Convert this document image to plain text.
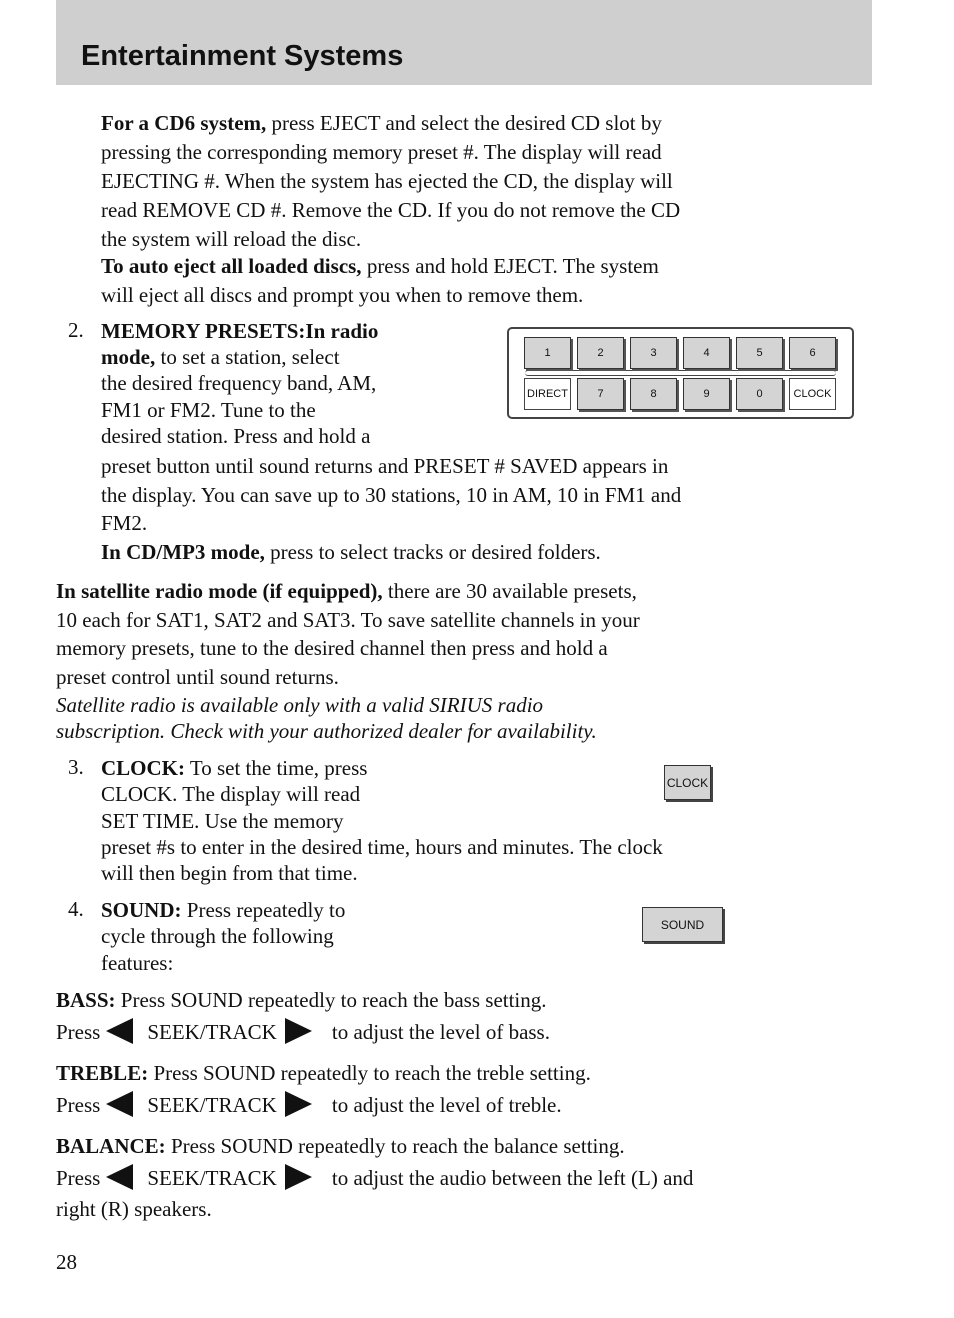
Entertainment Systems
For a CD6 system, press EJECT and select the desired CD slot by
pressing the corresponding memory preset #. The display will read
EJECTING #. When the system has ejected the CD, the display will
read REMOVE CD #. Remove the CD. If you do not remove the CD
the system will reload the disc.
To auto eject all loaded discs, press and hold EJECT. The system
will eject all discs and prompt you when to remove them.
2. MEMORY PRESETS:In radio
mode, to set a station, select
the desired frequency band, AM,
FM1 or FM2. Tune to the
desired station. Press and hold a
preset button until sound returns and PRESET # SAVED appears in
the display. You can save up to 30 stations, 10 in AM, 10 in FM1 and
FM2.
1	2	3	4	5	6
DIRECT	7	8	9	0	CLOCK
In CD/MP3 mode, press to select tracks or desired folders.
In satellite radio mode (if equipped), there are 30 available presets,
10 each for SAT1, SAT2 and SAT3. To save satellite channels in your
memory presets, tune to the desired channel then press and hold a
preset control until sound returns.
Satellite radio is available only with a valid SIRIUS radio
subscription. Check with your authorized dealer for availability.
3. CLOCK: To set the time, press
CLOCK. The display will read
SET TIME. Use the memory
preset #s to enter in the desired time, hours and minutes. The clock
will then begin from that time.
CLOCK
4. SOUND: Press repeatedly to
cycle through the following
features:
SOUND
BASS: Press SOUND repeatedly to reach the bass setting.
Press SEEK/TRACK	to adjust the level of bass.
TREBLE: Press SOUND repeatedly to reach the treble setting.
Press SEEK/TRACK	to adjust the level of treble.
BALANCE: Press SOUND repeatedly to reach the balance setting.
Press SEEK/TRACK	to adjust the audio between the left (L) and
right (R) speakers.
28
